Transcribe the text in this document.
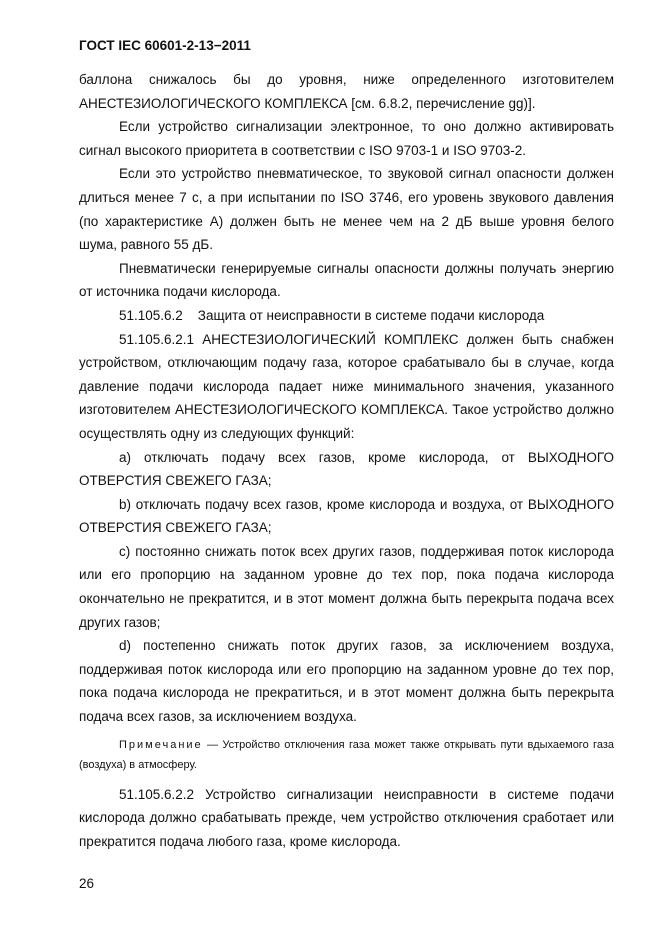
ГОСТ IEC 60601-2-13−2011

баллона снижалось бы до уровня, ниже определенного изготовителем АНЕСТЕЗИОЛОГИЧЕСКОГО КОМПЛЕКСА [см. 6.8.2, перечисление gg)].

Если устройство сигнализации электронное, то оно должно активировать сигнал высокого приоритета в соответствии с ISO 9703-1 и ISO 9703-2.

Если это устройство пневматическое, то звуковой сигнал опасности должен длиться менее 7 с, а при испытании по ISO 3746, его уровень звукового давления (по характеристике А) должен быть не менее чем на 2 дБ выше уровня белого шума, равного 55 дБ.

Пневматически генерируемые сигналы опасности должны получать энергию от источника подачи кислорода.

51.105.6.2    Защита от неисправности в системе подачи кислорода

51.105.6.2.1 АНЕСТЕЗИОЛОГИЧЕСКИЙ КОМПЛЕКС должен быть снабжен устройством, отключающим подачу газа, которое срабатывало бы в случае, когда давление подачи кислорода падает ниже минимального значения, указанного изготовителем АНЕСТЕЗИОЛОГИЧЕСКОГО КОМПЛЕКСА. Такое устройство должно осуществлять одну из следующих функций:

a) отключать подачу всех газов, кроме кислорода, от ВЫХОДНОГО ОТВЕРСТИЯ СВЕЖЕГО ГАЗА;

b) отключать подачу всех газов, кроме кислорода и воздуха, от ВЫХОДНОГО ОТВЕРСТИЯ СВЕЖЕГО ГАЗА;

c) постоянно снижать поток всех других газов, поддерживая поток кислорода или его пропорцию на заданном уровне до тех пор, пока подача кислорода окончательно не прекратится, и в этот момент должна быть перекрыта подача всех других газов;

d) постепенно снижать поток других газов, за исключением воздуха, поддерживая поток кислорода или его пропорцию на заданном уровне до тех пор, пока подача кислорода не прекратиться, и в этот момент должна быть перекрыта подача всех газов, за исключением воздуха.

Примечание — Устройство отключения газа может также открывать пути вдыхаемого газа (воздуха) в атмосферу.

51.105.6.2.2 Устройство сигнализации неисправности в системе подачи кислорода должно срабатывать прежде, чем устройство отключения сработает или прекратится подача любого газа, кроме кислорода.

26
